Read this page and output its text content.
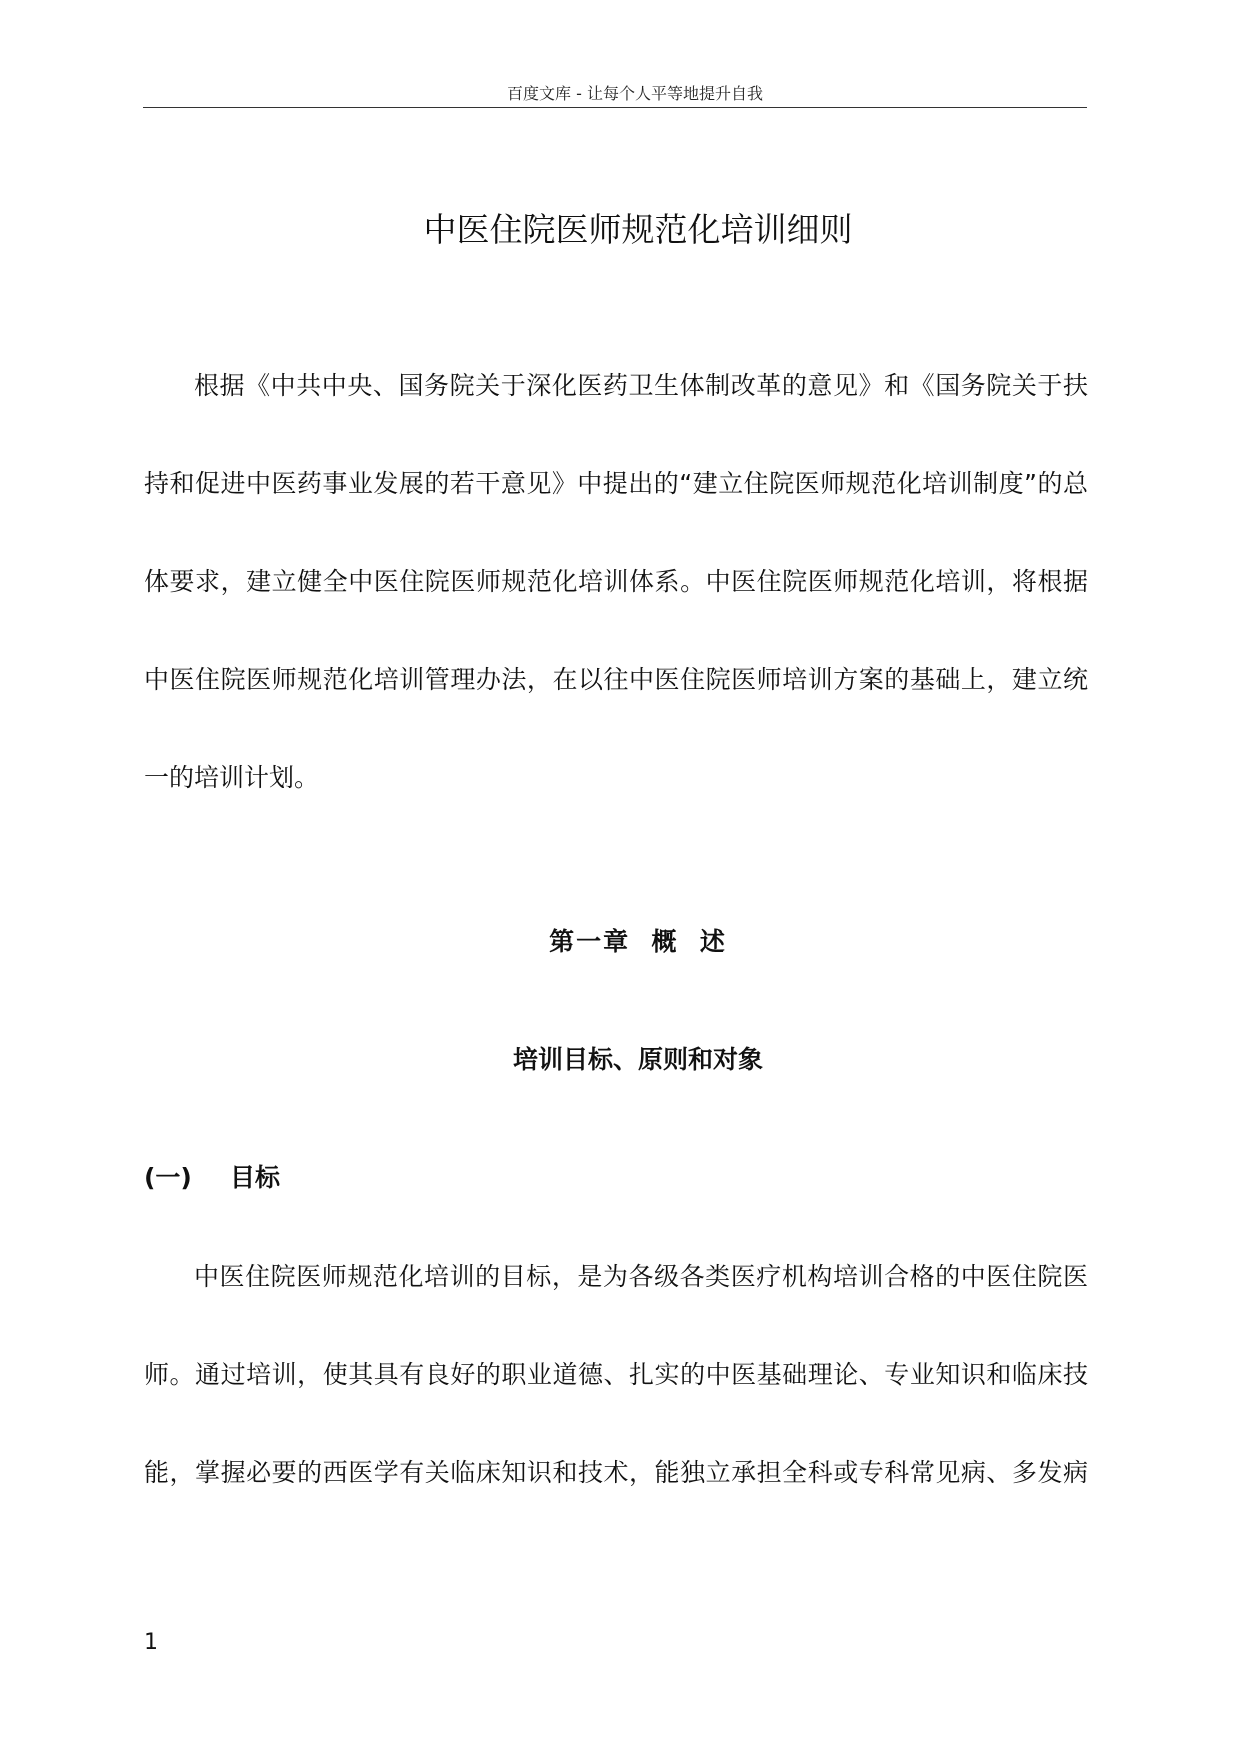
百度文库 - 让每个人平等地提升自我
中医住院医师规范化培训细则
根据《中共中央、国务院关于深化医药卫生体制改革的意见》和《国务院关于扶
持和促进中医药事业发展的若干意见》中提出的“建立住院医师规范化培训制度”的总
体要求，建立健全中医住院医师规范化培训体系。中医住院医师规范化培训，将根据
中医住院医师规范化培训管理办法，在以往中医住院医师培训方案的基础上，建立统
一的培训计划。
第一章  概  述
培训目标、原则和对象
(一) 目标
中医住院医师规范化培训的目标，是为各级各类医疗机构培训合格的中医住院医
师。通过培训，使其具有良好的职业道德、扎实的中医基础理论、专业知识和临床技
能，掌握必要的西医学有关临床知识和技术，能独立承担全科或专科常见病、多发病
1
